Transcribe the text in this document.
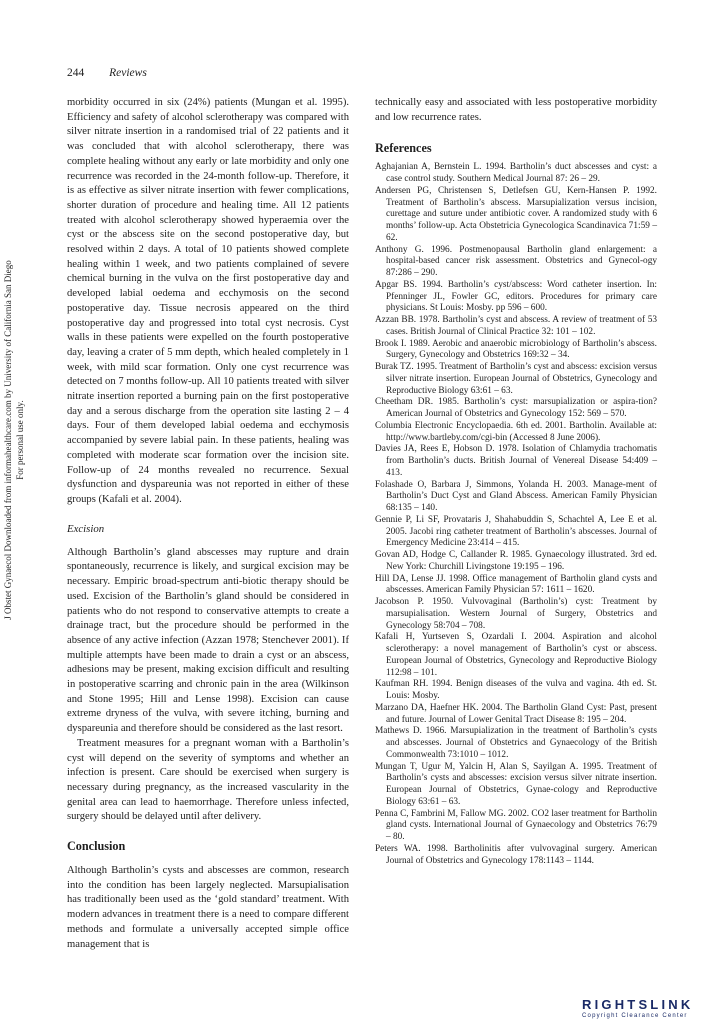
244 Reviews
J Obstet Gynaecol Downloaded from informahealthcare.com by University of California San Diego For personal use only.

morbidity occurred in six (24%) patients (Mungan et al. 1995). Efficiency and safety of alcohol sclerotherapy was compared with silver nitrate insertion in a randomised trial of 22 patients and it was concluded that with alcohol sclerotherapy, there was complete healing without any early or late morbidity and only one recurrence was recorded in the 24-month follow-up. Therefore, it is as effective as silver nitrate insertion with fewer complications, shorter duration of procedure and healing time. All 12 patients treated with alcohol sclerotherapy showed hyperaemia over the cyst or the abscess site on the second postoperative day, but resolved within 2 days. A total of 10 patients showed complete healing within 1 week, and two patients complained of severe chemical burning in the vulva on the first postoperative day and developed labial oedema and ecchymosis on the second postoperative day. Tissue necrosis appeared on the third postoperative day and progressed into total cyst necrosis. Cyst walls in these patients were expelled on the fourth postoperative day, leaving a crater of 5 mm depth, which healed completely in 1 week, with mild scar formation. Only one cyst recurrence was detected on 7 months follow-up. All 10 patients treated with silver nitrate insertion reported a burning pain on the first postoperative day and a serous discharge from the operation site lasting 2 – 4 days. Four of them developed labial oedema and ecchymosis accompanied by severe labial pain. In these patients, healing was completed with moderate scar formation over the incision site. Follow-up of 24 months revealed no recurrence. Sexual dysfunction and dyspareunia was not reported in either of these groups (Kafali et al. 2004).

Excision

Although Bartholin’s gland abscesses may rupture and drain spontaneously, recurrence is likely, and surgical excision may be necessary. Empiric broad-spectrum anti-biotic therapy should be used. Excision of the Bartholin’s gland should be considered in patients who do not respond to conservative attempts to create a drainage tract, but the procedure should be performed in the absence of any active infection (Azzan 1978; Stenchever 2001). If multiple attempts have been made to drain a cyst or an abscess, adhesions may be present, making excision difficult and resulting in postoperative scarring and chronic pain in the area (Wilkinson and Stone 1995; Hill and Lense 1998). Excision can cause extreme dryness of the vulva, with severe itching, burning and dyspareunia and therefore should be considered as the last resort.

Treatment measures for a pregnant woman with a Bartholin’s cyst will depend on the severity of symptoms and whether an infection is present. Care should be exercised when surgery is necessary during pregnancy, as the increased vascularity in the genital area can lead to haemorrhage. Therefore unless infected, surgery should be delayed until after delivery.

Conclusion

Although Bartholin’s cysts and abscesses are common, research into the condition has been largely neglected. Marsupialisation has traditionally been used as the ‘gold standard’ treatment. With modern advances in treatment there is a need to compare different methods and formulate a universally accepted simple office management that is

technically easy and associated with less postoperative morbidity and low recurrence rates.

References
Aghajanian A, Bernstein L. 1994. Bartholin’s duct abscesses and cyst: a case control study. Southern Medical Journal 87: 26 – 29.
Andersen PG, Christensen S, Detlefsen GU, Kern-Hansen P. 1992. Treatment of Bartholin’s abscess. Marsupialization versus incision, curettage and suture under antibiotic cover. A randomized study with 6 months’ follow-up. Acta Obstetricia Gynecologica Scandinavica 71:59 – 62.
Anthony G. 1996. Postmenopausal Bartholin gland enlargement: a hospital-based cancer risk assessment. Obstetrics and Gynecol-ogy 87:286 – 290.
Apgar BS. 1994. Bartholin’s cyst/abscess: Word catheter insertion. In: Pfenninger JL, Fowler GC, editors. Procedures for primary care physicians. St Louis: Mosby. pp 596 – 600.
Azzan BB. 1978. Bartholin’s cyst and abscess. A review of treatment of 53 cases. British Journal of Clinical Practice 32: 101 – 102.
Brook I. 1989. Aerobic and anaerobic microbiology of Bartholin’s abscess. Surgery, Gynecology and Obstetrics 169:32 – 34.
Burak TZ. 1995. Treatment of Bartholin’s cyst and abscess: excision versus silver nitrate insertion. European Journal of Obstetrics, Gynecology and Reproductive Biology 63:61 – 63.
Cheetham DR. 1985. Bartholin’s cyst: marsupialization or aspira-tion? American Journal of Obstetrics and Gynecology 152: 569 – 570.
Columbia Electronic Encyclopaedia. 6th ed. 2001. Bartholin. Available at: http://www.bartleby.com/cgi-bin (Accessed 8 June 2006).
Davies JA, Rees E, Hobson D. 1978. Isolation of Chlamydia trachomatis from Bartholin’s ducts. British Journal of Venereal Disease 54:409 – 413.
Folashade O, Barbara J, Simmons, Yolanda H. 2003. Manage-ment of Bartholin’s Duct Cyst and Gland Abscess. American Family Physician 68:135 – 140.
Gennie P, Li SF, Provataris J, Shahabuddin S, Schachtel A, Lee E et al. 2005. Jacobi ring catheter treatment of Bartholin’s abscesses. Journal of Emergency Medicine 23:414 – 415.
Govan AD, Hodge C, Callander R. 1985. Gynaecology illustrated. 3rd ed. New York: Churchill Livingstone 19:195 – 196.
Hill DA, Lense JJ. 1998. Office management of Bartholin gland cysts and abscesses. American Family Physician 57: 1611 – 1620.
Jacobson P. 1950. Vulvovaginal (Bartholin’s) cyst: Treatment by marsupialisation. Western Journal of Surgery, Obstetrics and Gynecology 58:704 – 708.
Kafali H, Yurtseven S, Ozardali I. 2004. Aspiration and alcohol sclerotherapy: a novel management of Bartholin’s cyst or abscess. European Journal of Obstetrics, Gynecology and Reproductive Biology 112:98 – 101.
Kaufman RH. 1994. Benign diseases of the vulva and vagina. 4th ed. St. Louis: Mosby.
Marzano DA, Haefner HK. 2004. The Bartholin Gland Cyst: Past, present and future. Journal of Lower Genital Tract Disease 8: 195 – 204.
Mathews D. 1966. Marsupialization in the treatment of Bartholin’s cysts and abscesses. Journal of Obstetrics and Gynaecology of the British Commonwealth 73:1010 – 1012.
Mungan T, Ugur M, Yalcin H, Alan S, Sayilgan A. 1995. Treatment of Bartholin’s cysts and abscesses: excision versus silver nitrate insertion. European Journal of Obstetrics, Gynae-cology and Reproductive Biology 63:61 – 63.
Penna C, Fambrini M, Fallow MG. 2002. CO2 laser treatment for Bartholin gland cysts. International Journal of Gynaecology and Obstetrics 76:79 – 80.
Peters WA. 1998. Bartholinitis after vulvovaginal surgery. American Journal of Obstetrics and Gynecology 178:1143 – 1144.
RIGHTSLINK
Copyright Clearance Center
